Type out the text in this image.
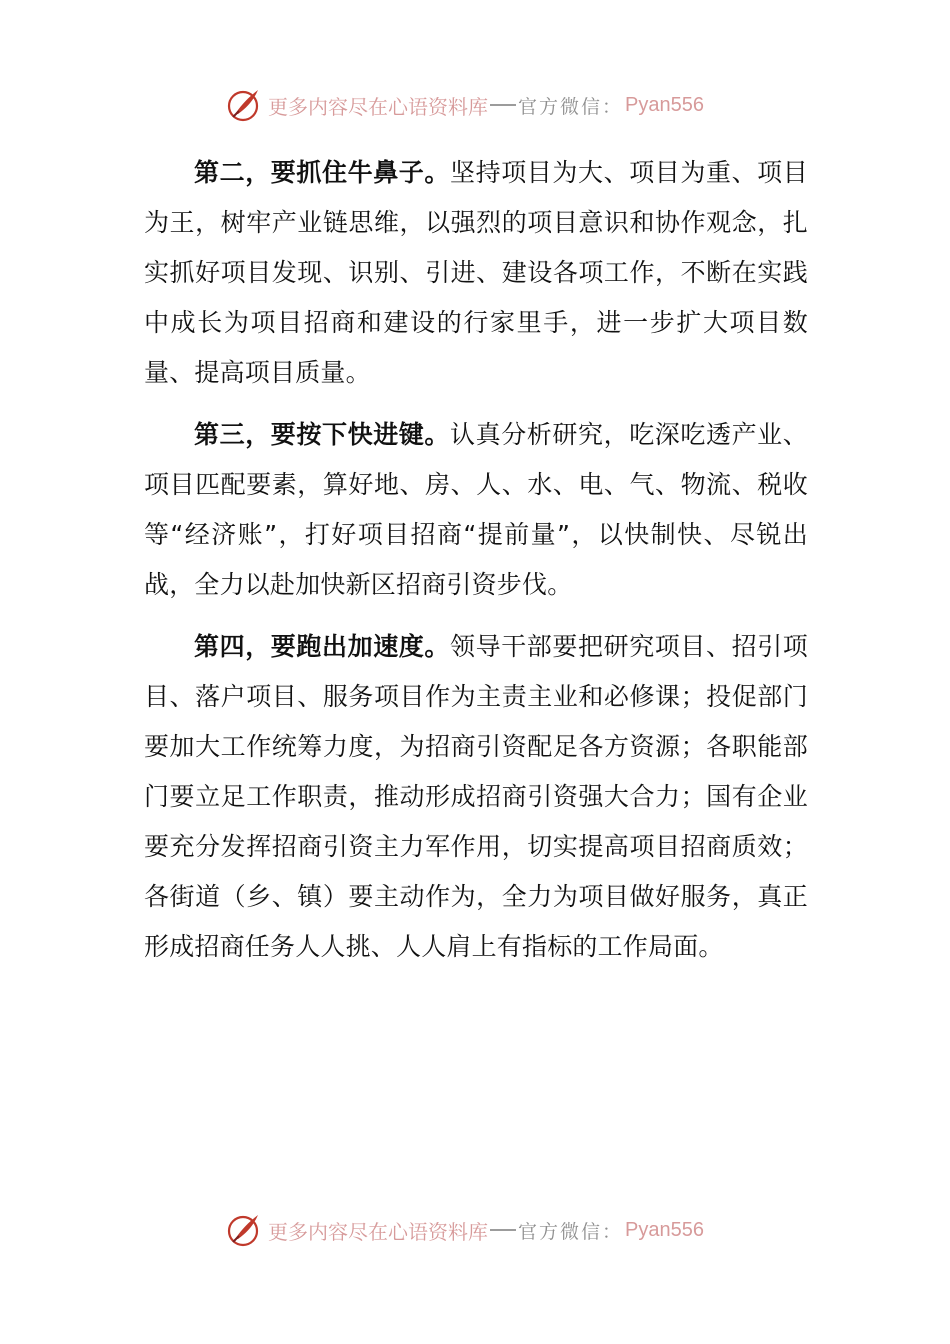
更多内容尽在心语资料库 官方微信： Pyan556

第二，要抓住牛鼻子。坚持项目为大、项目为重、项目为王，树牢产业链思维，以强烈的项目意识和协作观念，扎实抓好项目发现、识别、引进、建设各项工作，不断在实践中成长为项目招商和建设的行家里手，进一步扩大项目数量、提高项目质量。

第三，要按下快进键。认真分析研究，吃深吃透产业、项目匹配要素，算好地、房、人、水、电、气、物流、税收等“经济账”，打好项目招商“提前量”，以快制快、尽锐出战，全力以赴加快新区招商引资步伐。

第四，要跑出加速度。领导干部要把研究项目、招引项目、落户项目、服务项目作为主责主业和必修课；投促部门要加大工作统筹力度，为招商引资配足各方资源；各职能部门要立足工作职责，推动形成招商引资强大合力；国有企业要充分发挥招商引资主力军作用，切实提高项目招商质效；各街道（乡、镇）要主动作为，全力为项目做好服务，真正形成招商任务人人挑、人人肩上有指标的工作局面。

更多内容尽在心语资料库 官方微信： Pyan556
